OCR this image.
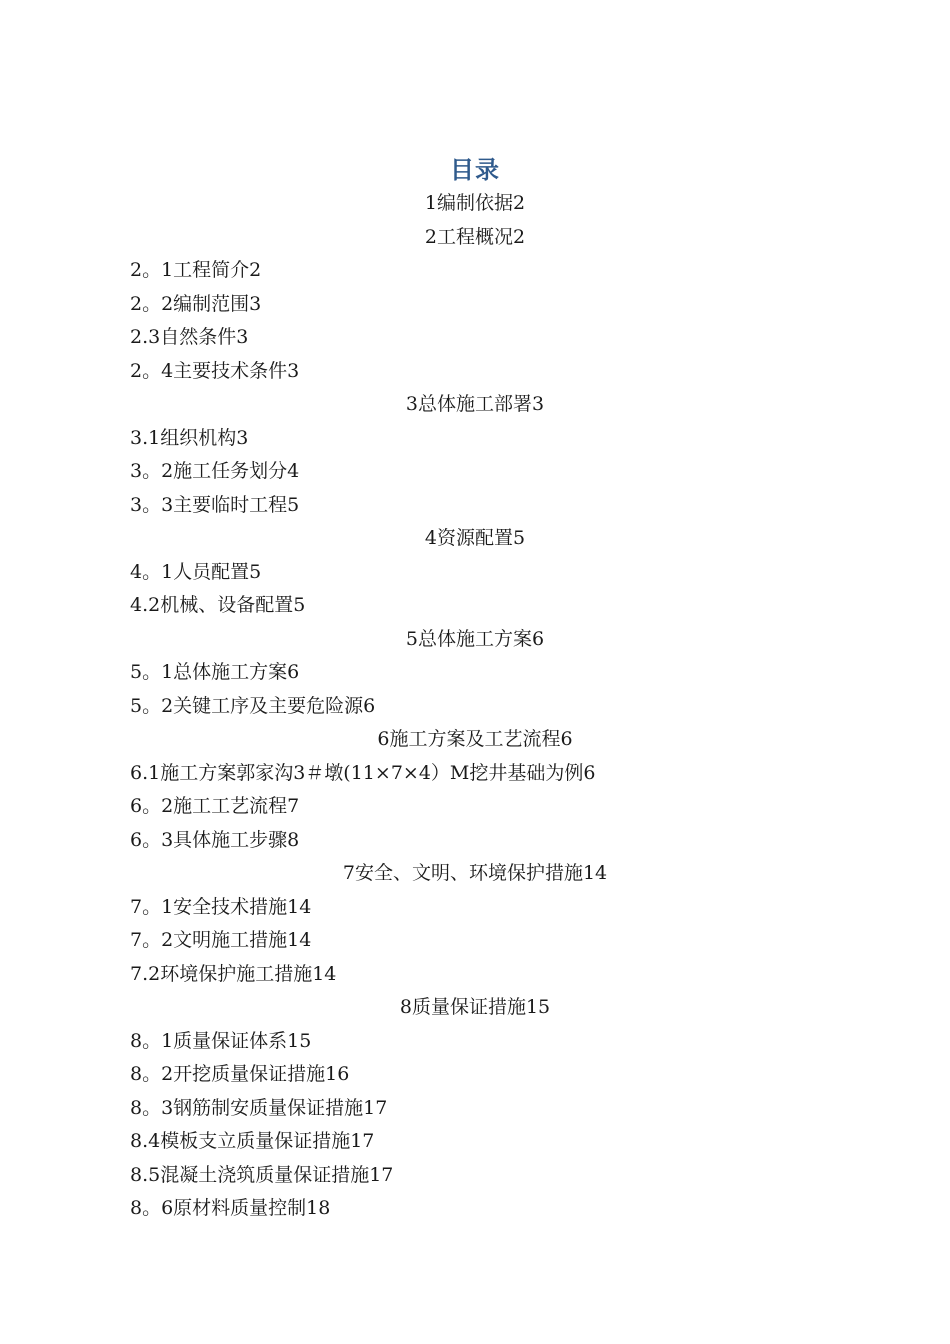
目录
1编制依据2
2工程概况2
2。1工程简介2
2。2编制范围3
2.3自然条件3
2。4主要技术条件3
3总体施工部署3
3.1组织机构3
3。2施工任务划分4
3。3主要临时工程5
4资源配置5
4。1人员配置5
4.2机械、设备配置5
5总体施工方案6
5。1总体施工方案6
5。2关键工序及主要危险源6
6施工方案及工艺流程6
6.1施工方案郭家沟3＃墩(11×7×4）M挖井基础为例6
6。2施工工艺流程7
6。3具体施工步骤8
7安全、文明、环境保护措施14
7。1安全技术措施14
7。2文明施工措施14
7.2环境保护施工措施14
8质量保证措施15
8。1质量保证体系15
8。2开挖质量保证措施16
8。3钢筋制安质量保证措施17
8.4模板支立质量保证措施17
8.5混凝土浇筑质量保证措施17
8。6原材料质量控制18
